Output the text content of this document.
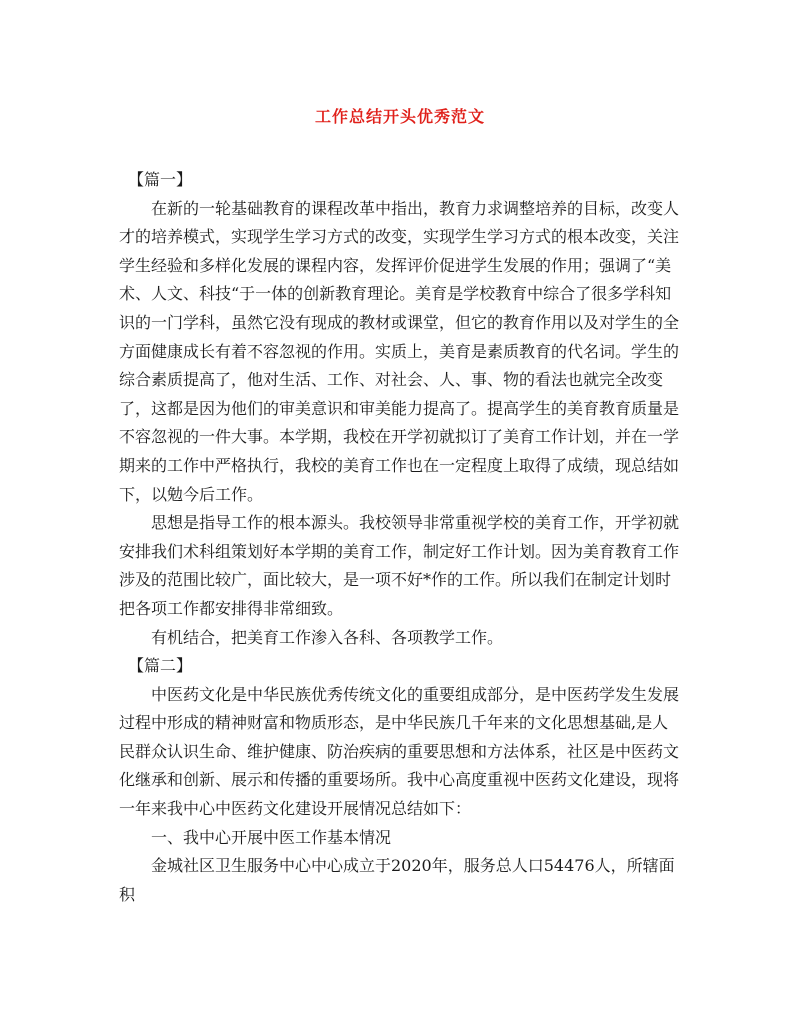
工作总结开头优秀范文

【篇一】

在新的一轮基础教育的课程改革中指出，教育力求调整培养的目标，改变人才的培养模式，实现学生学习方式的改变，实现学生学习方式的根本改变，关注学生经验和多样化发展的课程内容，发挥评价促进学生发展的作用；强调了“美术、人文、科技“于一体的创新教育理论。美育是学校教育中综合了很多学科知识的一门学科，虽然它没有现成的教材或课堂，但它的教育作用以及对学生的全方面健康成长有着不容忽视的作用。实质上，美育是素质教育的代名词。学生的综合素质提高了，他对生活、工作、对社会、人、事、物的看法也就完全改变了，这都是因为他们的审美意识和审美能力提高了。提高学生的美育教育质量是不容忽视的一件大事。本学期，我校在开学初就拟订了美育工作计划，并在一学期来的工作中严格执行，我校的美育工作也在一定程度上取得了成绩，现总结如下，以勉今后工作。

思想是指导工作的根本源头。我校领导非常重视学校的美育工作，开学初就安排我们术科组策划好本学期的美育工作，制定好工作计划。因为美育教育工作涉及的范围比较广，面比较大，是一项不好*作的工作。所以我们在制定计划时把各项工作都安排得非常细致。

有机结合，把美育工作渗入各科、各项教学工作。

【篇二】

中医药文化是中华民族优秀传统文化的重要组成部分，是中医药学发生发展过程中形成的精神财富和物质形态，是中华民族几千年来的文化思想基础,是人民群众认识生命、维护健康、防治疾病的重要思想和方法体系，社区是中医药文化继承和创新、展示和传播的重要场所。我中心高度重视中医药文化建设，现将一年来我中心中医药文化建设开展情况总结如下：

一、我中心开展中医工作基本情况

金城社区卫生服务中心中心成立于2020年，服务总人口54476人，所辖面积
